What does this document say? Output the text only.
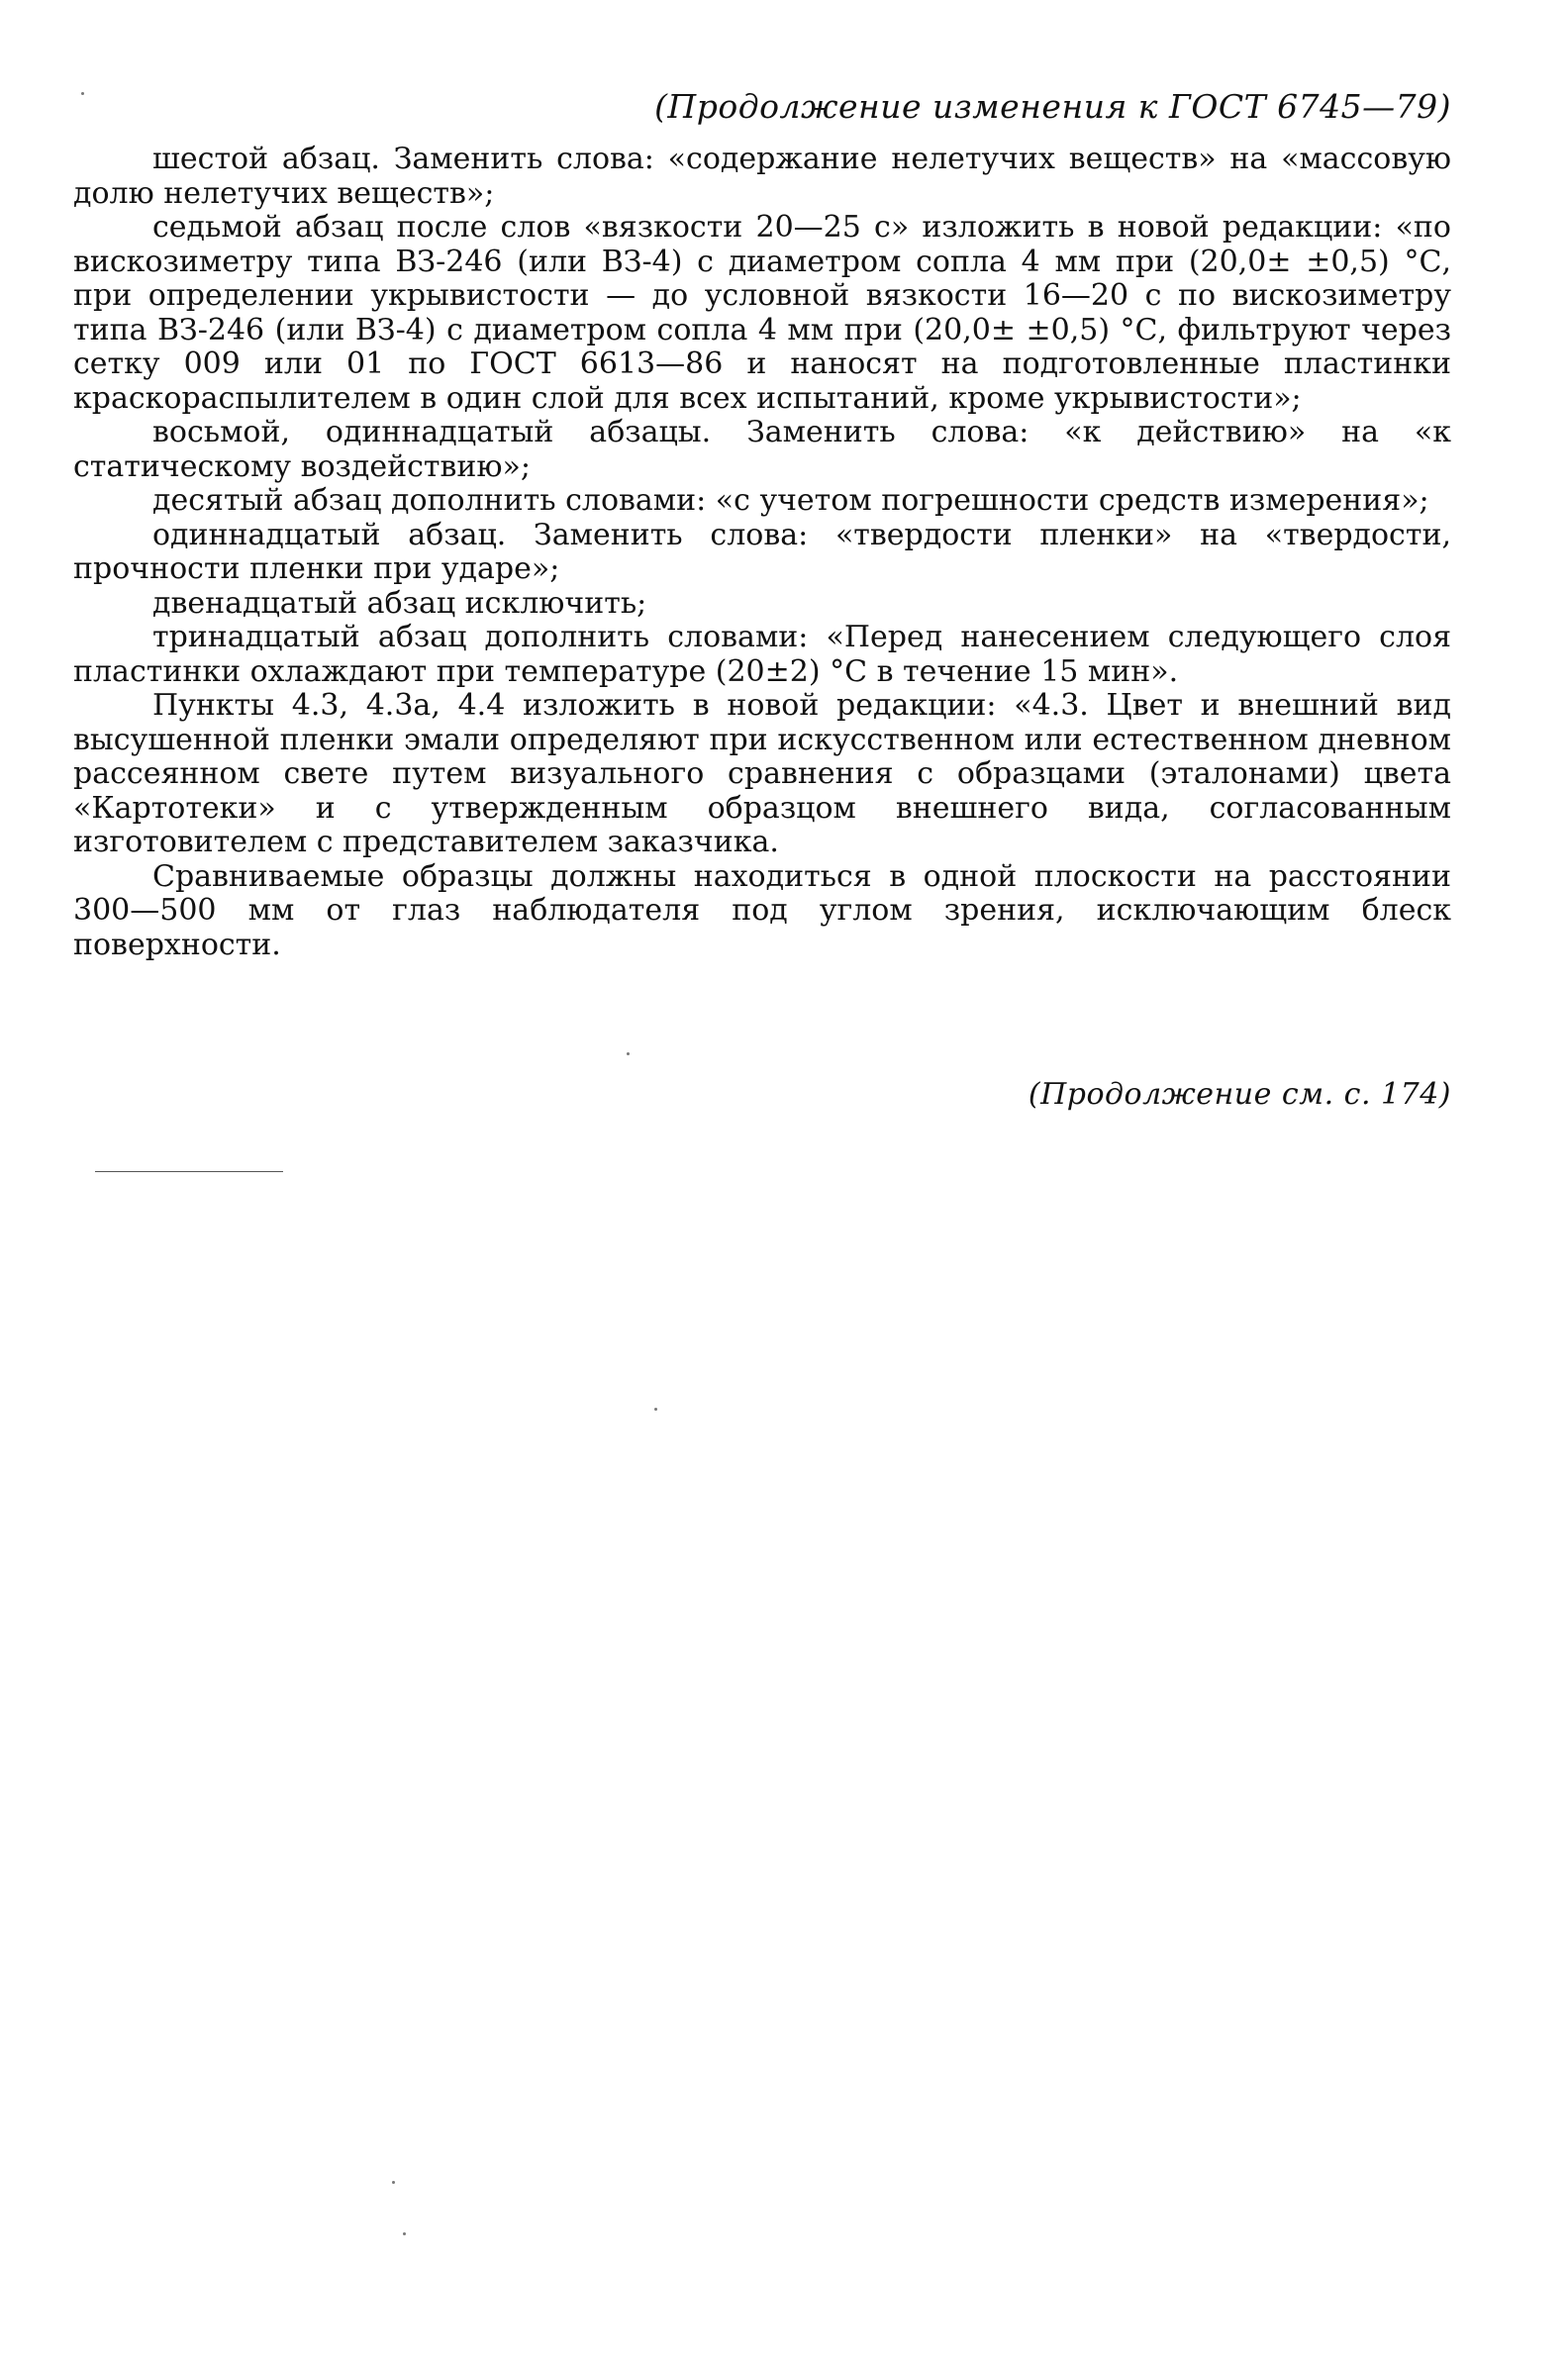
(Продолжение изменения к ГОСТ 6745—79)

шестой абзац. Заменить слова: «содержание нелетучих веществ» на «массовую долю нелетучих веществ»;

седьмой абзац после слов «вязкости 20—25 с» изложить в новой редакции: «по вискозиметру типа ВЗ-246 (или ВЗ-4) с диаметром сопла 4 мм при (20,0± ±0,5) °С, при определении укрывистости — до условной вязкости 16—20 с по вискозиметру типа ВЗ-246 (или ВЗ-4) с диаметром сопла 4 мм при (20,0± ±0,5) °С, фильтруют через сетку 009 или 01 по ГОСТ 6613—86 и наносят на подготовленные пластинки краскораспылителем в один слой для всех испытаний, кроме укрывистости»;

восьмой, одиннадцатый абзацы. Заменить слова: «к действию» на «к статическому воздействию»;

десятый абзац дополнить словами: «с учетом погрешности средств измерения»;

одиннадцатый абзац. Заменить слова: «твердости пленки» на «твердости, прочности пленки при ударе»;

двенадцатый абзац исключить;

тринадцатый абзац дополнить словами: «Перед нанесением следующего слоя пластинки охлаждают при температуре (20±2) °С в течение 15 мин».

Пункты 4.3, 4.3а, 4.4 изложить в новой редакции: «4.3. Цвет и внешний вид высушенной пленки эмали определяют при искусственном или естественном дневном рассеянном свете путем визуального сравнения с образцами (эталонами) цвета «Картотеки» и с утвержденным образцом внешнего вида, согласованным изготовителем с представителем заказчика.

Сравниваемые образцы должны находиться в одной плоскости на расстоянии 300—500 мм от глаз наблюдателя под углом зрения, исключающим блеск поверхности.

(Продолжение см. с. 174)
